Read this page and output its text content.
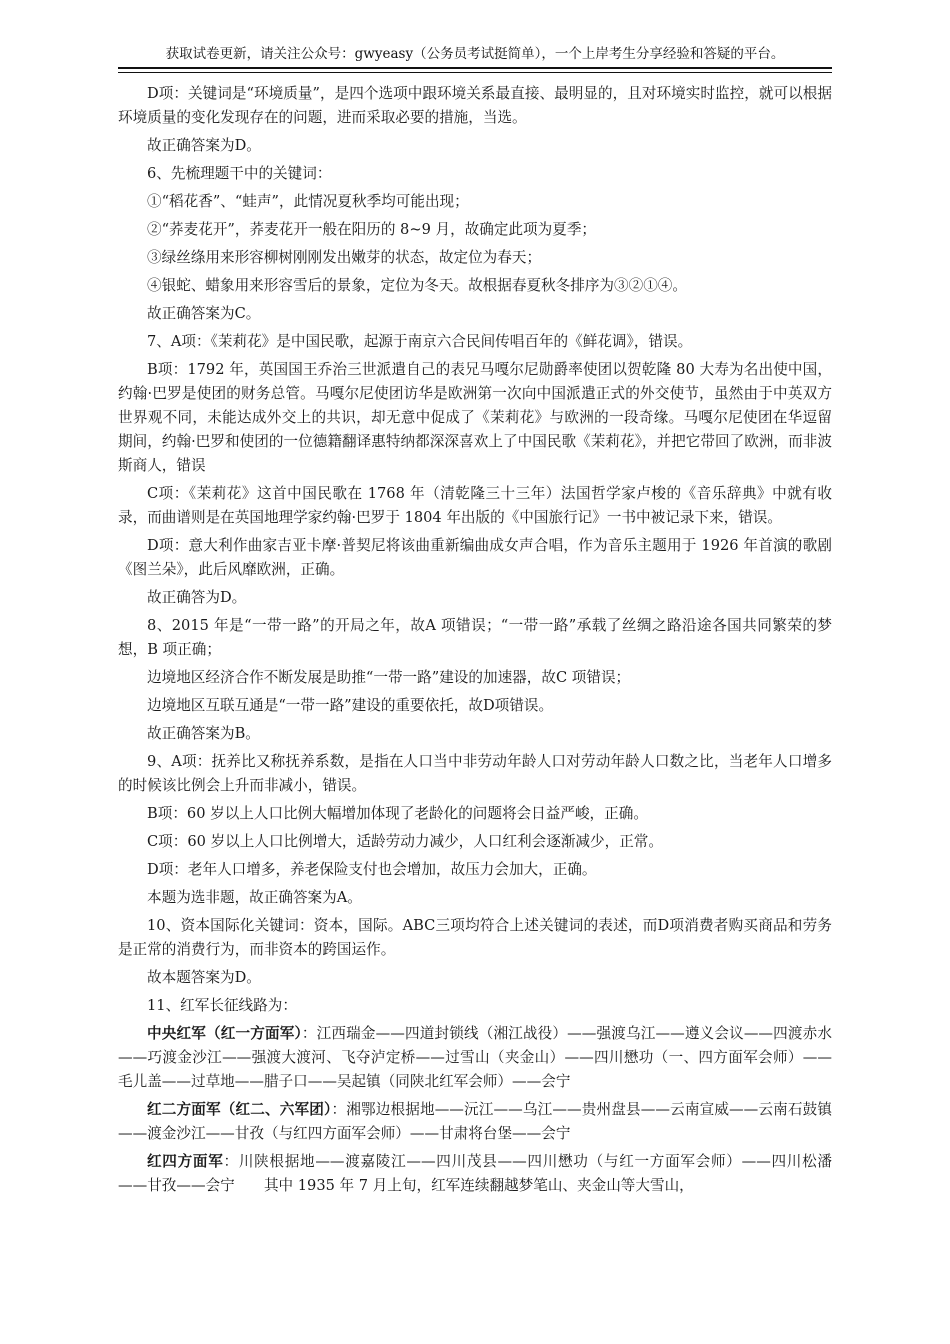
获取试卷更新，请关注公众号：gwyeasy（公务员考试挺简单），一个上岸考生分享经验和答疑的平台。

D项：关键词是“环境质量”，是四个选项中跟环境关系最直接、最明显的，且对环境实时监控，就可以根据环境质量的变化发现存在的问题，进而采取必要的措施，当选。

故正确答案为D。

6、先梳理题干中的关键词：

①“稻花香”、“蛙声”，此情况夏秋季均可能出现；

②“荞麦花开”，荞麦花开一般在阳历的 8~9 月，故确定此项为夏季；

③绿丝绦用来形容柳树刚刚发出嫩芽的状态，故定位为春天；

④银蛇、蜡象用来形容雪后的景象，定位为冬天。故根据春夏秋冬排序为③②①④。

故正确答案为C。

7、A项：《茉莉花》是中国民歌，起源于南京六合民间传唱百年的《鲜花调》，错误。

B项：1792 年，英国国王乔治三世派遣自己的表兄马嘎尔尼勋爵率使团以贺乾隆 80 大寿为名出使中国，约翰·巴罗是使团的财务总管。马嘎尔尼使团访华是欧洲第一次向中国派遣正式的外交使节，虽然由于中英双方世界观不同，未能达成外交上的共识，却无意中促成了《茉莉花》与欧洲的一段奇缘。马嘎尔尼使团在华逗留期间，约翰·巴罗和使团的一位德籍翻译惠特纳都深深喜欢上了中国民歌《茉莉花》，并把它带回了欧洲，而非波斯商人，错误

C项：《茉莉花》这首中国民歌在 1768 年（清乾隆三十三年）法国哲学家卢梭的《音乐辞典》中就有收录，而曲谱则是在英国地理学家约翰·巴罗于 1804 年出版的《中国旅行记》一书中被记录下来，错误。

D项：意大利作曲家吉亚卡摩·普契尼将该曲重新编曲成女声合唱，作为音乐主题用于 1926 年首演的歌剧《图兰朵》，此后风靡欧洲，正确。

故正确答为D。

8、2015 年是“一带一路”的开局之年，故A 项错误；“一带一路”承载了丝绸之路沿途各国共同繁荣的梦想，B 项正确；

边境地区经济合作不断发展是助推“一带一路”建设的加速器，故C 项错误；

边境地区互联互通是“一带一路”建设的重要依托，故D项错误。

故正确答案为B。

9、A项：抚养比又称抚养系数，是指在人口当中非劳动年龄人口对劳动年龄人口数之比，当老年人口增多的时候该比例会上升而非减小，错误。

B项：60 岁以上人口比例大幅增加体现了老龄化的问题将会日益严峻，正确。

C项：60 岁以上人口比例增大，适龄劳动力减少，人口红利会逐渐减少，正常。

D项：老年人口增多，养老保险支付也会增加，故压力会加大，正确。

本题为选非题，故正确答案为A。

10、资本国际化关键词：资本，国际。ABC三项均符合上述关键词的表述，而D项消费者购买商品和劳务是正常的消费行为，而非资本的跨国运作。

故本题答案为D。

11、红军长征线路为：

中央红军（红一方面军）：江西瑞金——四道封锁线（湘江战役）——强渡乌江——遵义会议——四渡赤水——巧渡金沙江——强渡大渡河、飞夺泸定桥——过雪山（夹金山）——四川懋功（一、四方面军会师）——毛儿盖——过草地——腊子口——吴起镇（同陕北红军会师）——会宁

红二方面军（红二、六军团）：湘鄂边根据地——沅江——乌江——贵州盘县——云南宣威——云南石鼓镇——渡金沙江——甘孜（与红四方面军会师）——甘肃将台堡——会宁

红四方面军：川陕根据地——渡嘉陵江——四川茂县——四川懋功（与红一方面军会师）——四川松潘——甘孜——会宁　　其中 1935 年 7 月上旬，红军连续翻越梦笔山、夹金山等大雪山，
